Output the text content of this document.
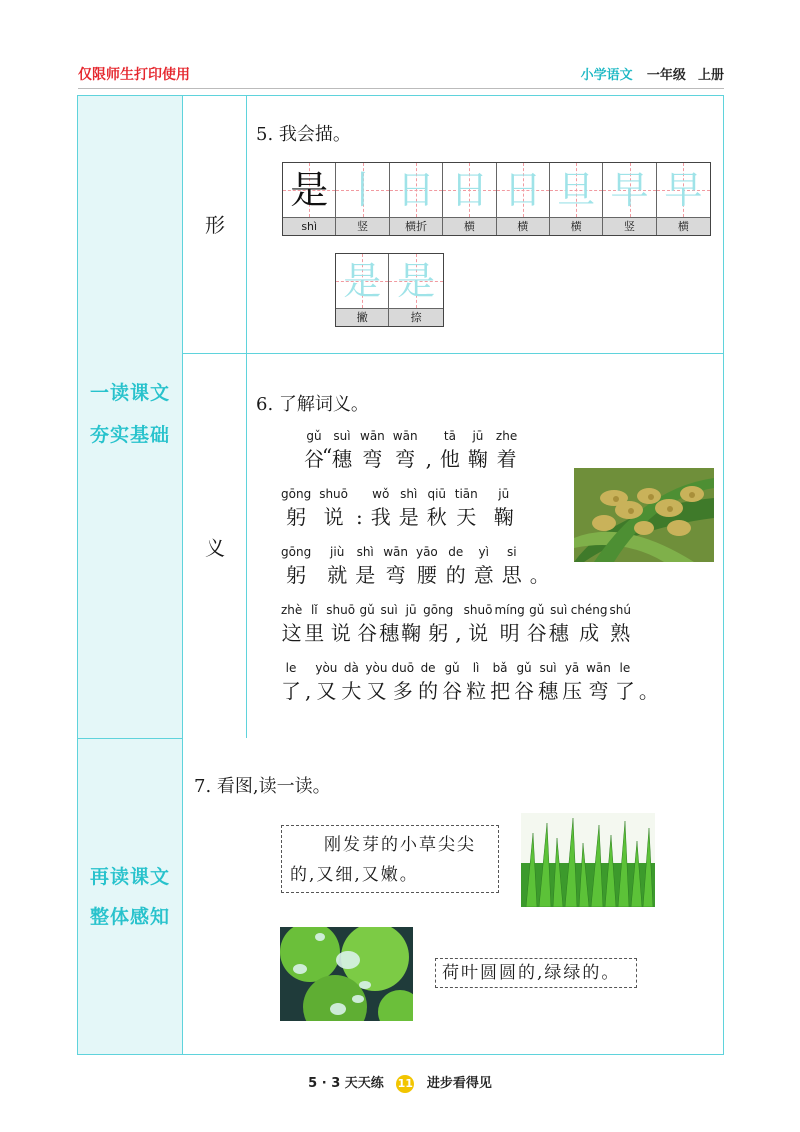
仅限师生打印使用	小学语文 一年级 上册
一读课文
夯实基础
再读课文
整体感知
形
义
5. 我会描。
是
shì
丨
竖
日
横折
日
横
日
横
旦
横
早
竖
早
横
是
撇
是
捺
6. 了解词义。
gǔ
谷
suì
穗
wān
弯
wān
弯 ,
tā
他
jū
鞠
zhe
着
gōng
躬
shuō
说 :
wǒ
我
shì
是
qiū
秋
tiān
天
jū
鞠
gōng
躬
jiù
就
shì
是
wān
弯
yāo
腰
de
的
yì
意
si
思 。
zhè
这
lǐ
里
shuō
说
gǔ
谷
suì
穗
jū
鞠
gōng
躬 ,
shuō
说
míng
明
gǔ
谷
suì
穗
chéng
成
shú
熟
le
了 ,
yòu
又
dà
大
yòu
又
duō
多
de
的
gǔ
谷
lì
粒
bǎ
把
gǔ
谷
suì
穗
yā
压
wān
弯
le
了 。
“
7. 看图,读一读。
刚发芽的小草尖尖
的,又细,又嫩。
荷叶圆圆的,绿绿的。
5 · 3 天天练 11 进步看得见
